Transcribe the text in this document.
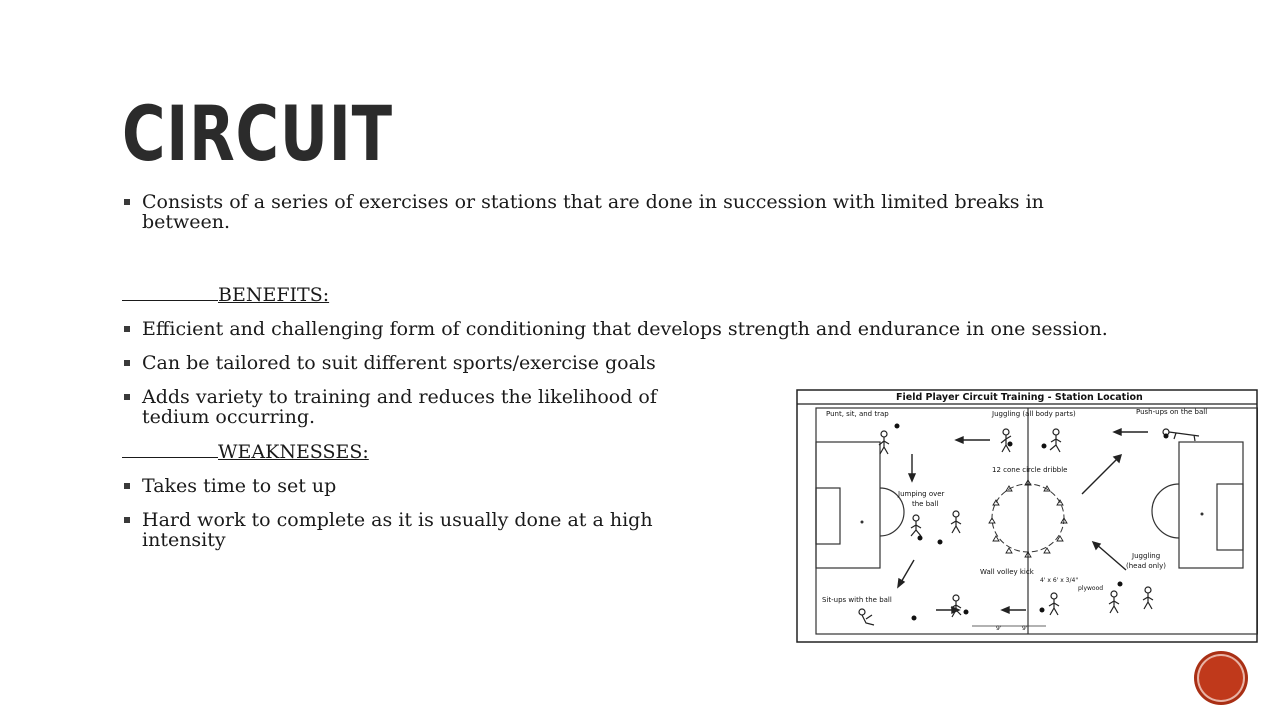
CIRCUIT
Consists of a series of exercises or stations that are done in succession with limited breaks in between.
BENEFITS:
Efficient and challenging form of conditioning that develops strength and endurance in one session.
Can be tailored to suit different sports/exercise goals
Adds variety to training and reduces the likelihood of tedium occurring.
WEAKNESSES:
Takes time to set up
Hard work to complete as it is usually done at a high intensity
Field Player Circuit Training - Station Location
Punt, sit, and trap	Juggling (all body parts)	Push-ups on the ball
12 cone circle dribble
Jumping over
the ball
Sit-ups with the ball
Wall volley kick
4' x 6' x 3/4"
plywood
Juggling
(head only)
9'	9'
